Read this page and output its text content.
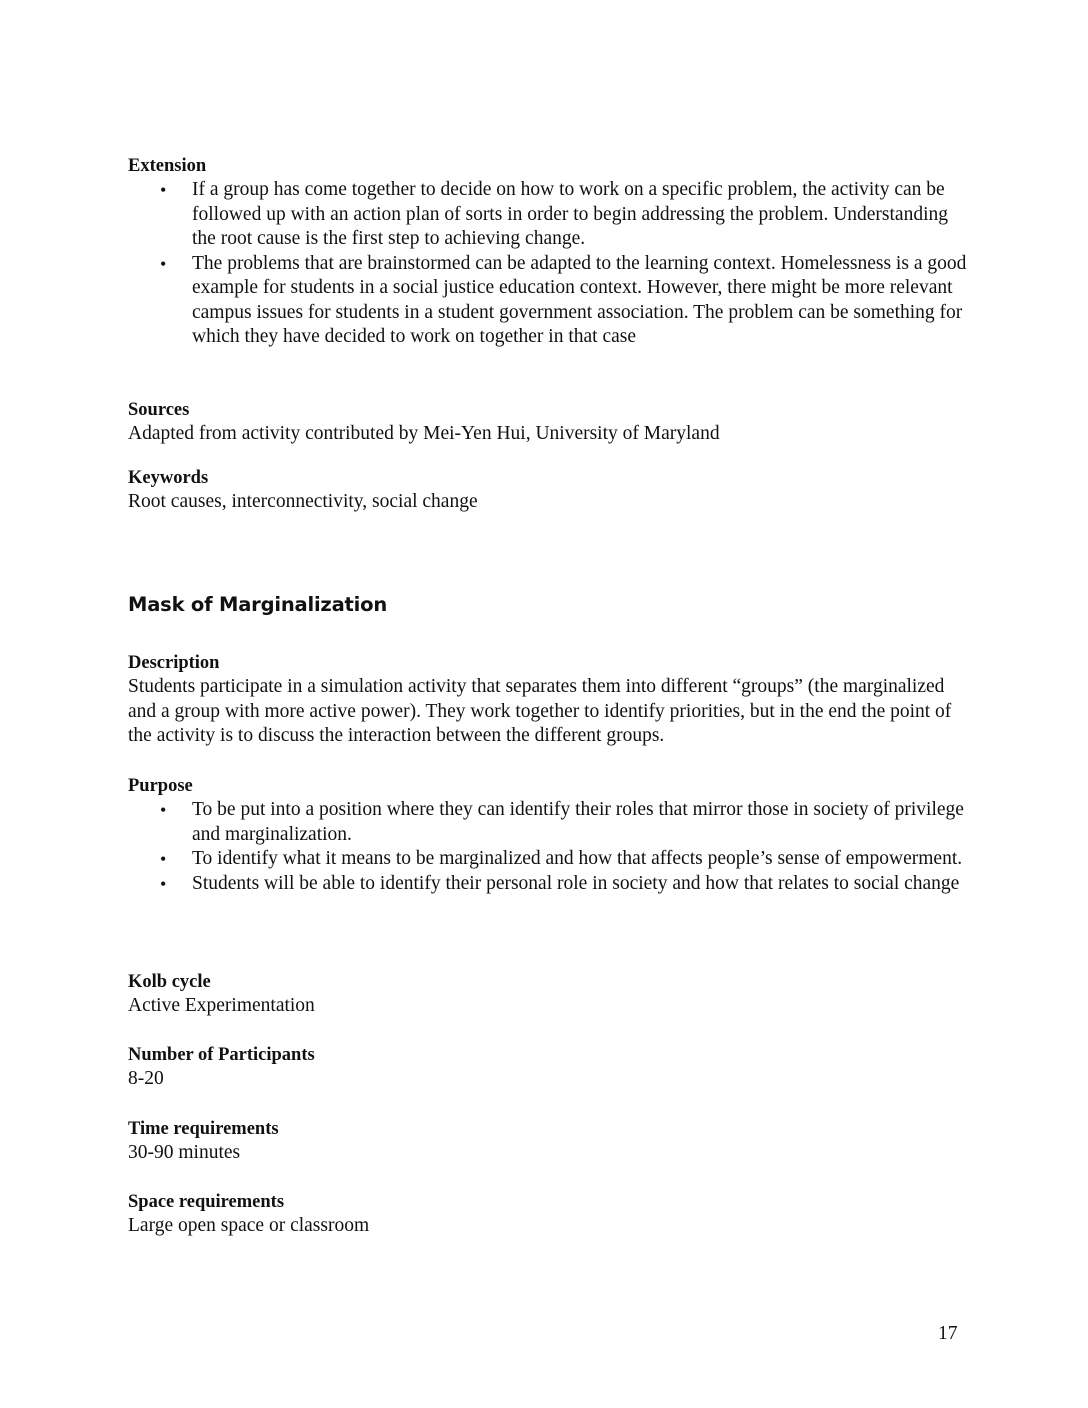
Extension

• If a group has come together to decide on how to work on a specific problem, the activity can be followed up with an action plan of sorts in order to begin addressing the problem. Understanding the root cause is the first step to achieving change.
• The problems that are brainstormed can be adapted to the learning context. Homelessness is a good example for students in a social justice education context. However, there might be more relevant campus issues for students in a student government association. The problem can be something for which they have decided to work on together in that case

Sources

Adapted from activity contributed by Mei-Yen Hui, University of Maryland

Keywords

Root causes, interconnectivity, social change

Mask of Marginalization

Description

Students participate in a simulation activity that separates them into different “groups” (the marginalized and a group with more active power). They work together to identify priorities, but in the end the point of the activity is to discuss the interaction between the different groups.

Purpose

• To be put into a position where they can identify their roles that mirror those in society of privilege and marginalization.
• To identify what it means to be marginalized and how that affects people’s sense of empowerment.
• Students will be able to identify their personal role in society and how that relates to social change

Kolb cycle

Active Experimentation

Number of Participants

8-20

Time requirements

30-90 minutes

Space requirements

Large open space or classroom

17
